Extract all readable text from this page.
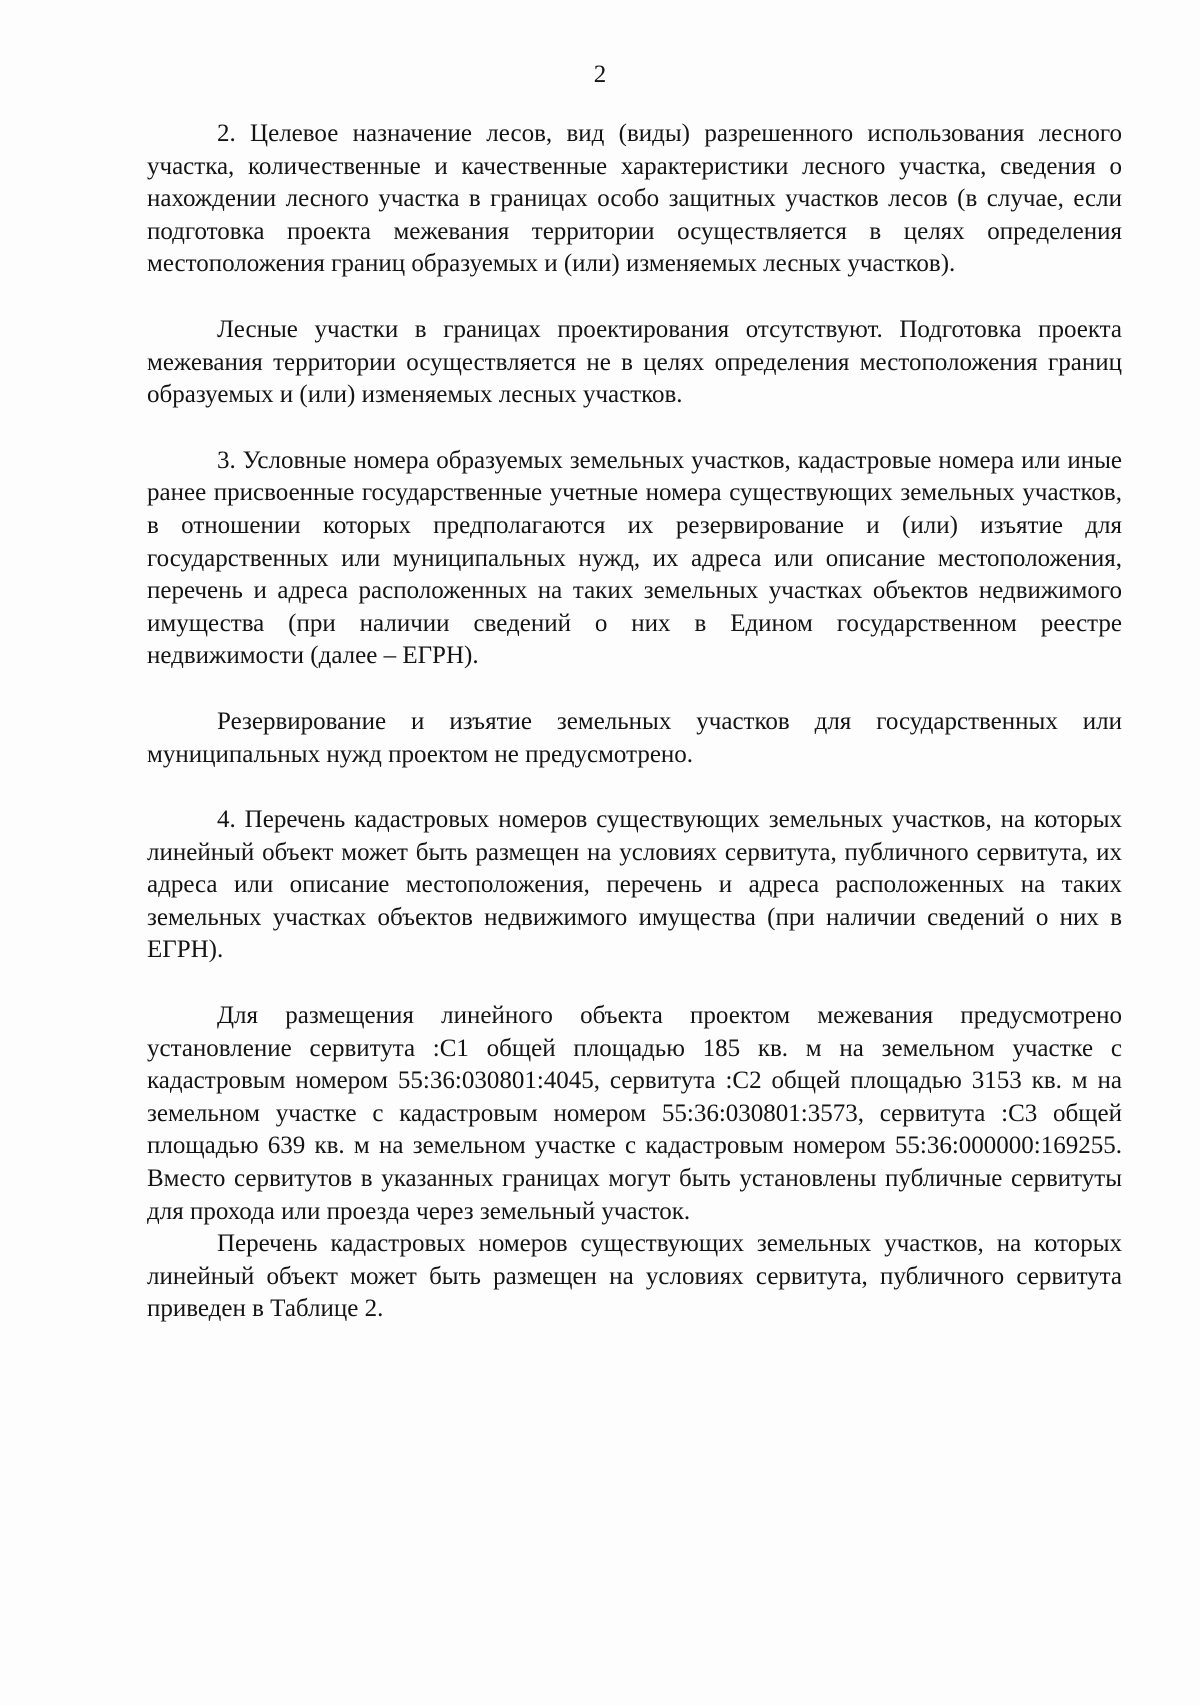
2

2. Целевое назначение лесов, вид (виды) разрешенного использования лесного участка, количественные и качественные характеристики лесного участка, сведения о нахождении лесного участка в границах особо защитных участков лесов (в случае, если подготовка проекта межевания территории осуществляется в целях определения местоположения границ образуемых и (или) изменяемых лесных участков).

Лесные участки в границах проектирования отсутствуют. Подготовка проекта межевания территории осуществляется не в целях определения местоположения границ образуемых и (или) изменяемых лесных участков.

3. Условные номера образуемых земельных участков, кадастровые номера или иные ранее присвоенные государственные учетные номера существующих земельных участков, в отношении которых предполагаются их резервирование и (или) изъятие для государственных или муниципальных нужд, их адреса или описание местоположения, перечень и адреса расположенных на таких земельных участках объектов недвижимого имущества (при наличии сведений о них в Едином государственном реестре недвижимости (далее – ЕГРН).

Резервирование и изъятие земельных участков для государственных или муниципальных нужд проектом не предусмотрено.

4. Перечень кадастровых номеров существующих земельных участков, на которых линейный объект может быть размещен на условиях сервитута, публичного сервитута, их адреса или описание местоположения, перечень и адреса расположенных на таких земельных участках объектов недвижимого имущества (при наличии сведений о них в ЕГРН).

Для размещения линейного объекта проектом межевания предусмотрено установление сервитута :С1 общей площадью 185 кв. м на земельном участке с кадастровым номером 55:36:030801:4045, сервитута :С2 общей площадью 3153 кв. м на земельном участке с кадастровым номером 55:36:030801:3573, сервитута :С3 общей площадью 639 кв. м на земельном участке с кадастровым номером 55:36:000000:169255. Вместо сервитутов в указанных границах могут быть установлены публичные сервитуты для прохода или проезда через земельный участок.

Перечень кадастровых номеров существующих земельных участков, на которых линейный объект может быть размещен на условиях сервитута, публичного сервитута приведен в Таблице 2.
